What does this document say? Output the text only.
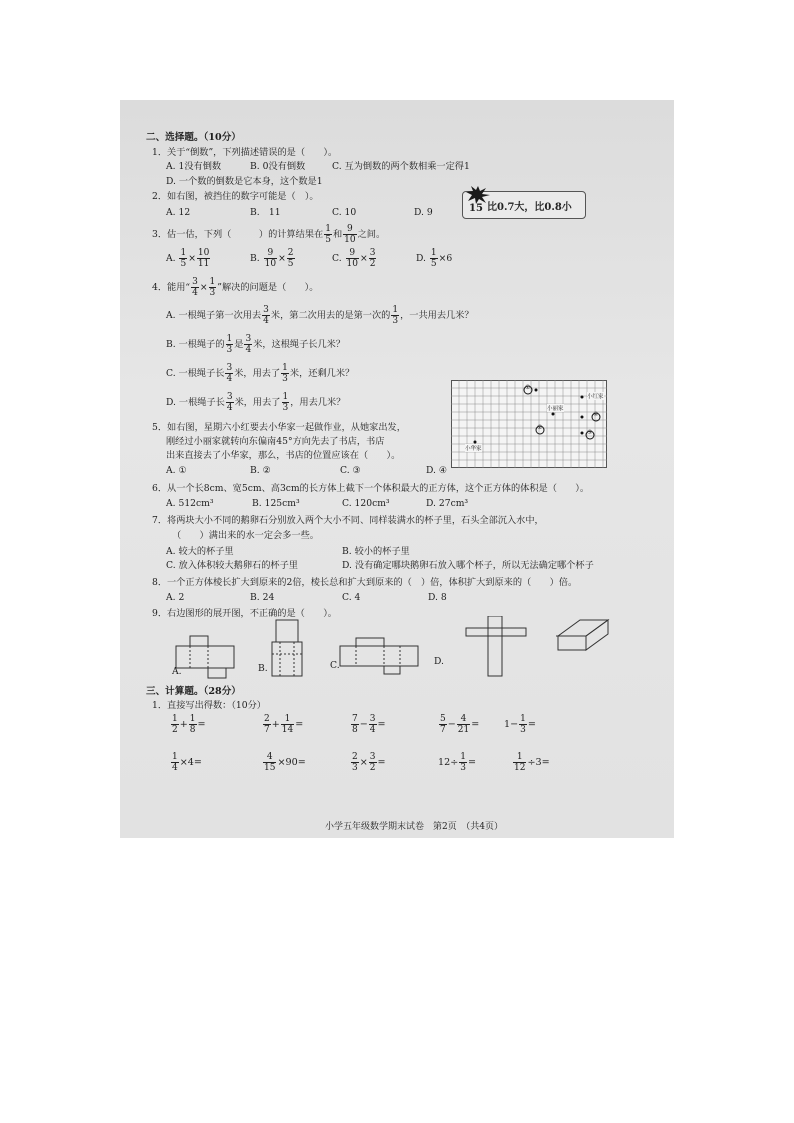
二、选择题。（10分）
1．关于“倒数”，下列描述错误的是（　　）。
A. 1没有倒数	B. 0没有倒数	C. 互为倒数的两个数相乘一定得1
D. 一个数的倒数是它本身，这个数是1
2．如右图，被挡住的数字可能是（　）。
A. 12	B.　11	C. 10	D. 9	15 比0.7大，比0.8小
3．估一估，下列（　　　）的计算结果在 $\frac{1}{5}$ 和 $\frac{9}{10}$ 之间。
A. $\frac{1}{5} \times \frac{10}{11}$	B. $\frac{9}{10} \times \frac{2}{5}$	C. $\frac{9}{10} \times \frac{3}{2}$	D. $\frac{1}{5} \times 6$
4．能用“ $\frac{3}{4} \times \frac{1}{3}$ ”解决的问题是（　　）。
A. 一根绳子第一次用去 $\frac{3}{4}$ 米，第二次用去的是第一次的 $\frac{1}{3}$ ，一共用去几米？
B. 一根绳子的 $\frac{1}{3}$ 是 $\frac{3}{4}$ 米，这根绳子长几米？
C. 一根绳子长 $\frac{3}{4}$ 米，用去了 $\frac{1}{3}$ 米，还剩几米？
D. 一根绳子长 $\frac{3}{4}$ 米，用去了 $\frac{1}{3}$ ，用去几米？
①
②
③
④
小红家
小丽家
小华家
5．如右图，星期六小红要去小华家一起做作业，从她家出发，
刚经过小丽家就转向东偏南45°方向先去了书店，书店
出来直接去了小华家，那么，书店的位置应该在（　　）。
A. ①	B. ②	C. ③	D. ④
6．从一个长8cm、宽5cm、高3cm的长方体上截下一个体积最大的正方体，这个正方体的体积是（　　）。
A. 512cm³	B. 125cm³	C. 120cm³	D. 27cm³
7．将两块大小不同的鹅卵石分别放入两个大小不同、同样装满水的杯子里，石头全部沉入水中，
（　　）满出来的水一定会多一些。
A. 较大的杯子里	B. 较小的杯子里
C. 放入体积较大鹅卵石的杯子里	D. 没有确定哪块鹅卵石放入哪个杯子，所以无法确定哪个杯子
8．一个正方体棱长扩大到原来的2倍，棱长总和扩大到原来的（　）倍，体积扩大到原来的（　　）倍。
A. 2	B. 24	C. 4	D. 8
9．右边图形的展开图，不正确的是（　　）。
A.	B.	C.	D.
三、计算题。（28分）
1．直接写出得数：（10分）
小学五年级数学期末试卷　第2页　（共4页）
$\frac{1}{2} + \frac{1}{8}$ =	$\frac{2}{7} + \frac{1}{14}$ =	$\frac{7}{8} - \frac{3}{4}$ =	$\frac{5}{7} - \frac{4}{21}$ =	$1- \frac{1}{3}$ =
$\frac{1}{4} \times 4=$	$\frac{4}{15} \times 90=$	$\frac{2}{3} \times \frac{3}{2}$ =	$12\div \frac{1}{3}$ =	$\frac{1}{12} \div 3=$
